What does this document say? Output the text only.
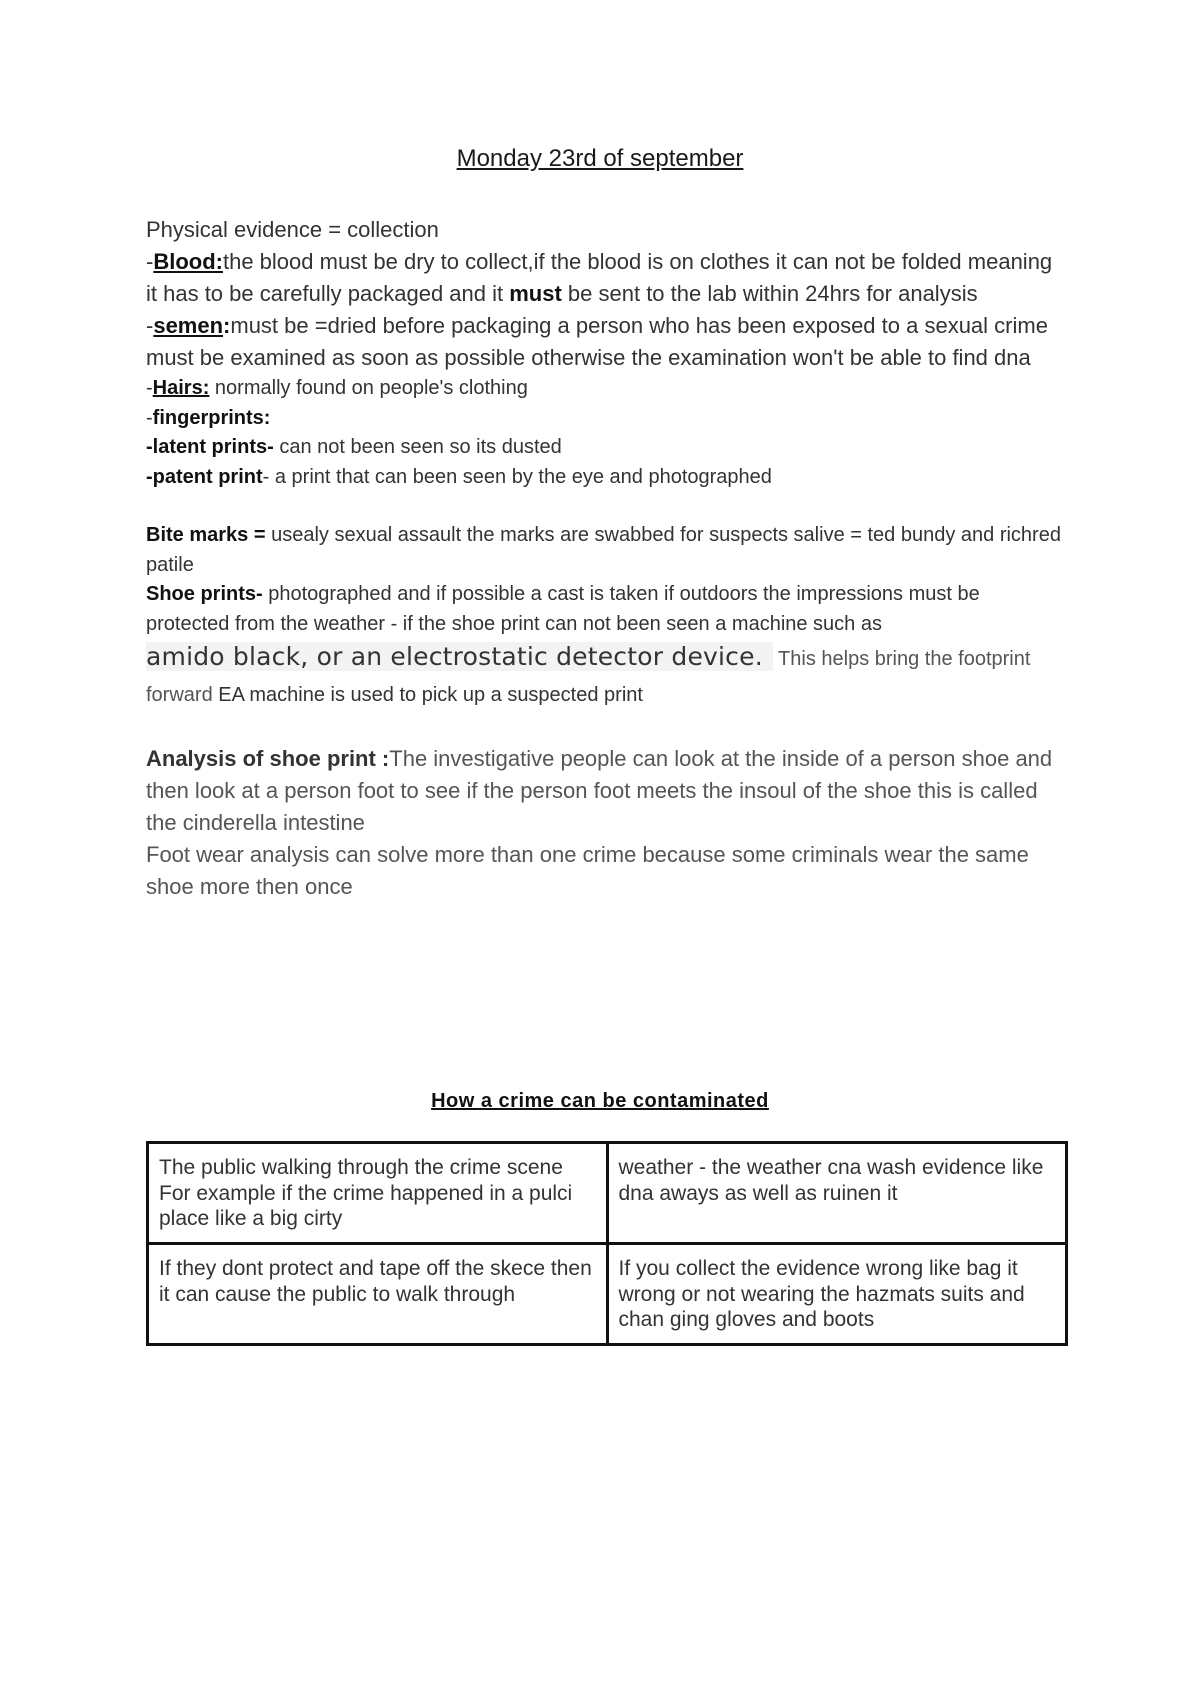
Monday 23rd of september
Physical evidence = collection
-Blood:the blood must be dry to collect,if the blood is on clothes it can not be folded meaning it has to be carefully packaged and it must be sent to the lab within 24hrs for analysis
-semen:must be =dried before packaging a person who has been exposed to a sexual crime must be examined as soon as possible otherwise the examination won't be able to find dna
-Hairs: normally found on people's clothing
-fingerprints:
-latent prints- can not been seen so its dusted
-patent print- a print that can been seen by the eye and photographed
Bite marks = usealy sexual assault the marks are swabbed for suspects salive = ted bundy and richred patile
Shoe prints- photographed and if possible a cast is taken if outdoors the impressions must be protected from the weather - if the shoe print can not been seen a machine such as
amido black, or an electrostatic detector device. This helps bring the footprint forward EA machine is used to pick up a suspected print
Analysis of shoe print :The investigative people can look at the inside of a person shoe and then look at a person foot to see if the person foot meets the insoul of the shoe this is called the cinderella intestine
Foot wear analysis can solve more than one crime because some criminals wear the same shoe more then once
How a crime can be contaminated
The public walking through the crime scene For example if the crime happened in a pulci place like a big cirty	weather - the weather cna wash evidence like dna aways as well as ruinen it
If they dont protect and tape off the skece then it can cause the public to walk through	If you collect the evidence wrong like bag it wrong or not wearing the hazmats suits and chan ging gloves and boots
